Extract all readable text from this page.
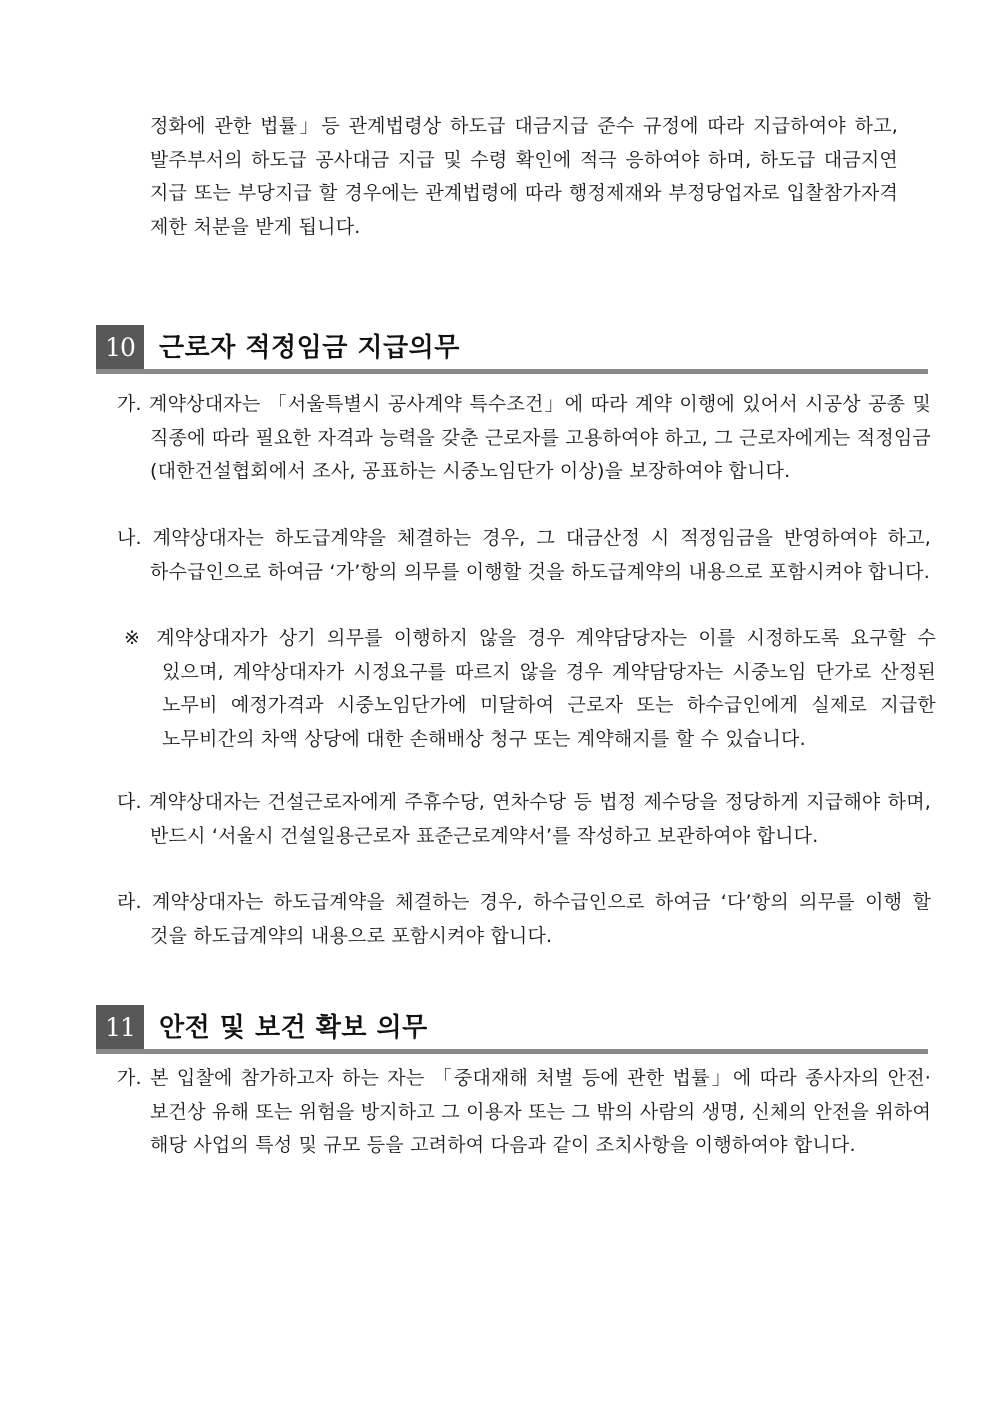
정화에 관한 법률」등 관계법령상 하도급 대금지급 준수 규정에 따라 지급하여야 하고, 발주부서의 하도급 공사대금 지급 및 수령 확인에 적극 응하여야 하며, 하도급 대금지연 지급 또는 부당지급 할 경우에는 관계법령에 따라 행정제재와 부정당업자로 입찰참가자격 제한 처분을 받게 됩니다.

10 근로자 적정임금 지급의무

가. 계약상대자는 「서울특별시 공사계약 특수조건」에 따라 계약 이행에 있어서 시공상 공종 및 직종에 따라 필요한 자격과 능력을 갖춘 근로자를 고용하여야 하고, 그 근로자에게는 적정임금(대한건설협회에서 조사, 공표하는 시중노임단가 이상)을 보장하여야 합니다.

나. 계약상대자는 하도급계약을 체결하는 경우, 그 대금산정 시 적정임금을 반영하여야 하고, 하수급인으로 하여금 ‘가’항의 의무를 이행할 것을 하도급계약의 내용으로 포함시켜야 합니다.

※ 계약상대자가 상기 의무를 이행하지 않을 경우 계약담당자는 이를 시정하도록 요구할 수 있으며, 계약상대자가 시정요구를 따르지 않을 경우 계약담당자는 시중노임 단가로 산정된 노무비 예정가격과 시중노임단가에 미달하여 근로자 또는 하수급인에게 실제로 지급한 노무비간의 차액 상당에 대한 손해배상 청구 또는 계약해지를 할 수 있습니다.

다. 계약상대자는 건설근로자에게 주휴수당, 연차수당 등 법정 제수당을 정당하게 지급해야 하며, 반드시 ‘서울시 건설일용근로자 표준근로계약서’를 작성하고 보관하여야 합니다.

라. 계약상대자는 하도급계약을 체결하는 경우, 하수급인으로 하여금 ‘다’항의 의무를 이행 할 것을 하도급계약의 내용으로 포함시켜야 합니다.

11 안전 및 보건 확보 의무

가. 본 입찰에 참가하고자 하는 자는 「중대재해 처벌 등에 관한 법률」에 따라 종사자의 안전·보건상 유해 또는 위험을 방지하고 그 이용자 또는 그 밖의 사람의 생명, 신체의 안전을 위하여 해당 사업의 특성 및 규모 등을 고려하여 다음과 같이 조치사항을 이행하여야 합니다.
